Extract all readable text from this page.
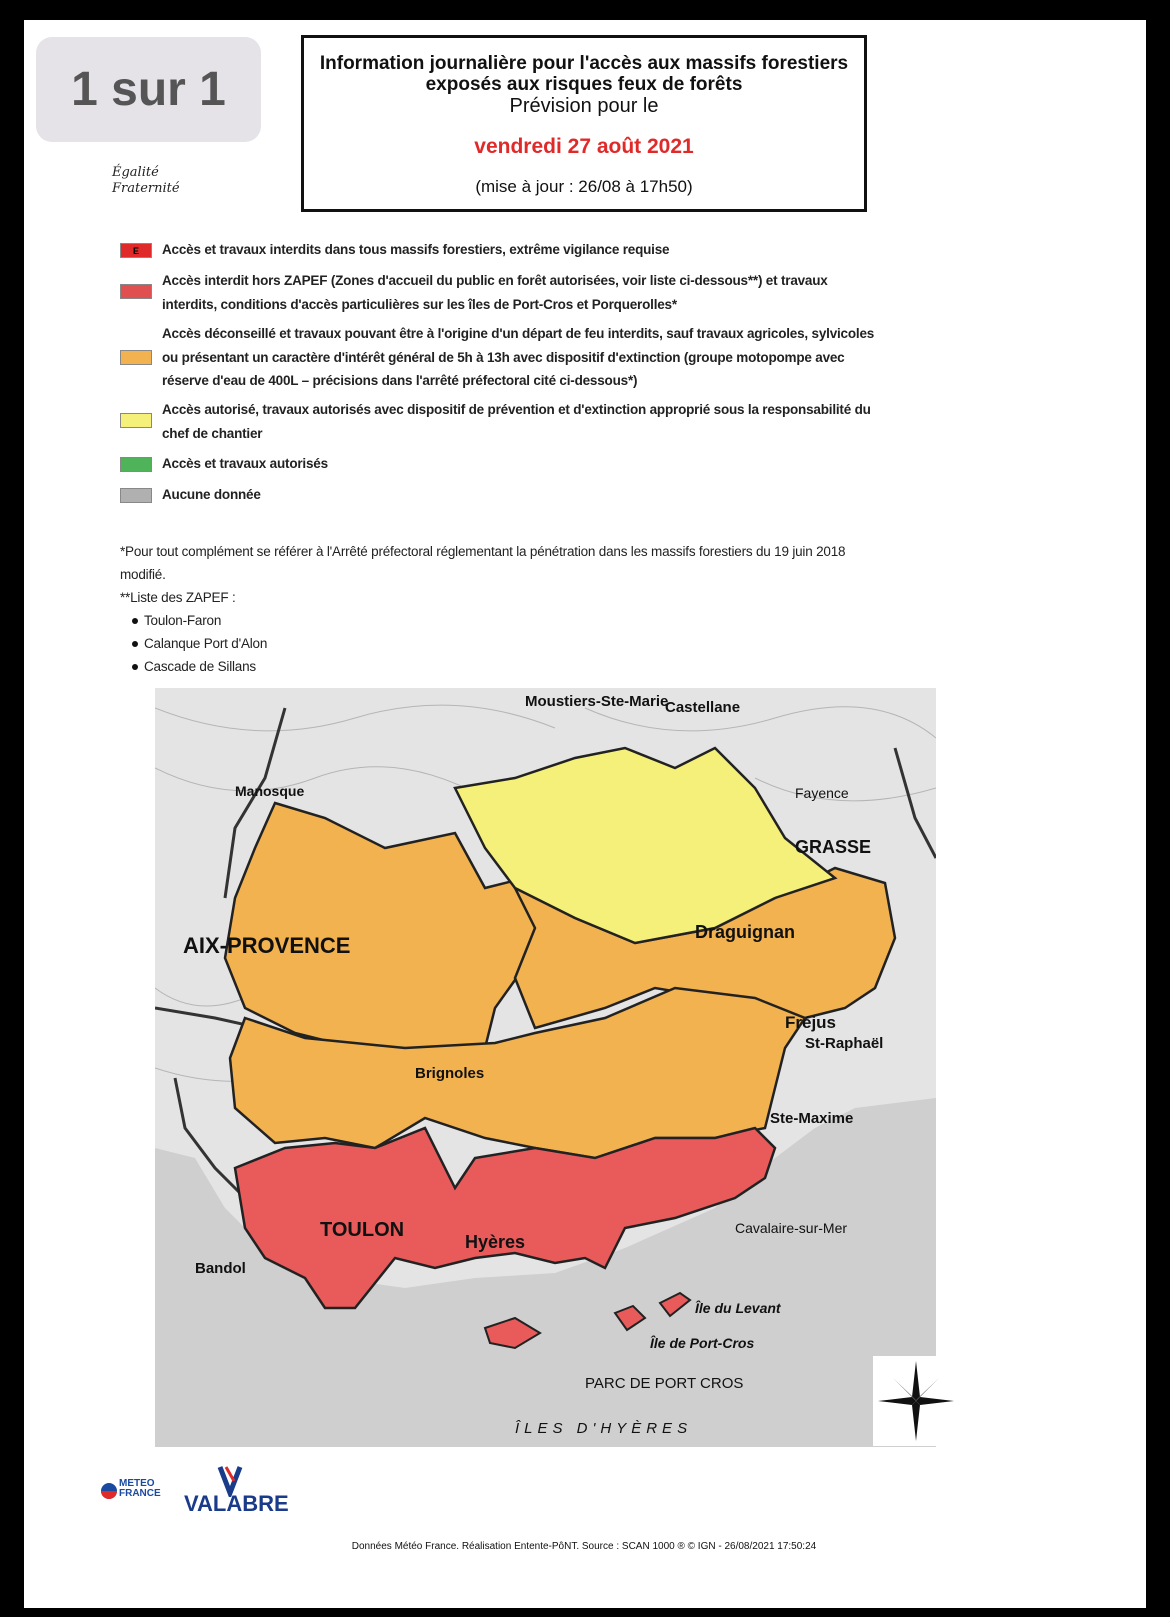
Information journalière pour l'accès aux massifs forestiers exposés aux risques feux de forêts
Prévision pour le
vendredi 27 août 2021
(mise à jour : 26/08 à 17h50)
Égalité
Fraternité
E Accès et travaux interdits dans tous massifs forestiers, extrême vigilance requise
Accès interdit hors ZAPEF (Zones d'accueil du public en forêt autorisées, voir liste ci-dessous**) et travaux interdits, conditions d'accès particulières sur les îles de Port-Cros et Porquerolles*
Accès déconseillé et travaux pouvant être à l'origine d'un départ de feu interdits, sauf travaux agricoles, sylvicoles ou présentant un caractère d'intérêt général de 5h à 13h avec dispositif d'extinction (groupe motopompe avec réserve d'eau de 400L – précisions dans l'arrêté préfectoral cité ci-dessous*)
Accès autorisé, travaux autorisés avec dispositif de prévention et d'extinction approprié sous la responsabilité du chef de chantier
Accès et travaux autorisés
Aucune donnée
*Pour tout complément se référer à l'Arrêté préfectoral réglementant la pénétration dans les massifs forestiers du 19 juin 2018 modifié.
**Liste des ZAPEF :
Toulon-Faron
Calanque Port d'Alon
Cascade de Sillans
Moustiers-Ste-Marie
Castellane
GRASSE
Draguignan
AIX-PROVENCE
Brignoles
Fréjus
St-Raphaël
Ste-Maxime
TOULON
Hyères
Bandol
Cavalaire-sur-Mer
Île du Levant
Île de Port-Cros
PARC DE PORT CROS
ÎLES D'HYÈRES
Manosque	Fayence
METEO
FRANCE VALABRE
Données Météo France. Réalisation Entente-PôNT. Source : SCAN 1000 ® © IGN - 26/08/2021 17:50:24
1 sur 1
